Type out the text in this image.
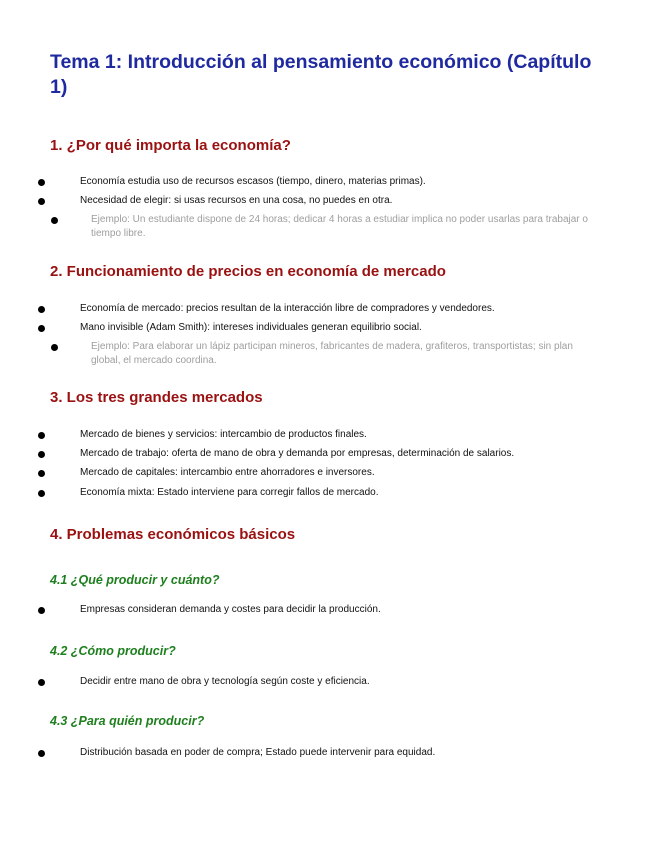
Tema 1: Introducción al pensamiento económico (Capítulo 1)
1. ¿Por qué importa la economía?
Economía estudia uso de recursos escasos (tiempo, dinero, materias primas).
Necesidad de elegir: si usas recursos en una cosa, no puedes en otra.
Ejemplo: Un estudiante dispone de 24 horas; dedicar 4 horas a estudiar implica no poder usarlas para trabajar o tiempo libre.
2. Funcionamiento de precios en economía de mercado
Economía de mercado: precios resultan de la interacción libre de compradores y vendedores.
Mano invisible (Adam Smith): intereses individuales generan equilibrio social.
Ejemplo: Para elaborar un lápiz participan mineros, fabricantes de madera, grafiteros, transportistas; sin plan global, el mercado coordina.
3. Los tres grandes mercados
Mercado de bienes y servicios: intercambio de productos finales.
Mercado de trabajo: oferta de mano de obra y demanda por empresas, determinación de salarios.
Mercado de capitales: intercambio entre ahorradores e inversores.
Economía mixta: Estado interviene para corregir fallos de mercado.
4. Problemas económicos básicos
4.1 ¿Qué producir y cuánto?
Empresas consideran demanda y costes para decidir la producción.
4.2 ¿Cómo producir?
Decidir entre mano de obra y tecnología según coste y eficiencia.
4.3 ¿Para quién producir?
Distribución basada en poder de compra; Estado puede intervenir para equidad.
